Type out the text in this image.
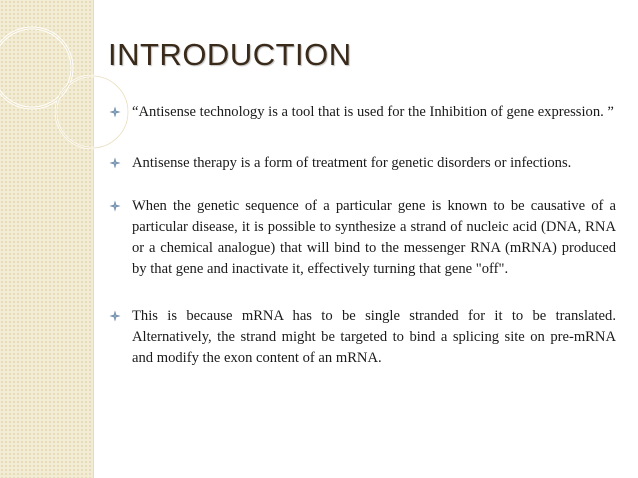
INTRODUCTION
“Antisense technology is a tool that is used for the Inhibition of gene expression. ”
Antisense therapy is a form of treatment for genetic disorders or infections.
When the genetic sequence of a particular gene is known to be causative of a particular disease, it is possible to synthesize a strand of nucleic acid (DNA, RNA or a chemical analogue) that will bind to the messenger RNA (mRNA) produced by that gene and inactivate it, effectively turning that gene "off".
This is because mRNA has to be single stranded for it to be translated. Alternatively, the strand might be targeted to bind a splicing site on pre-mRNA and modify the exon content of an mRNA.
